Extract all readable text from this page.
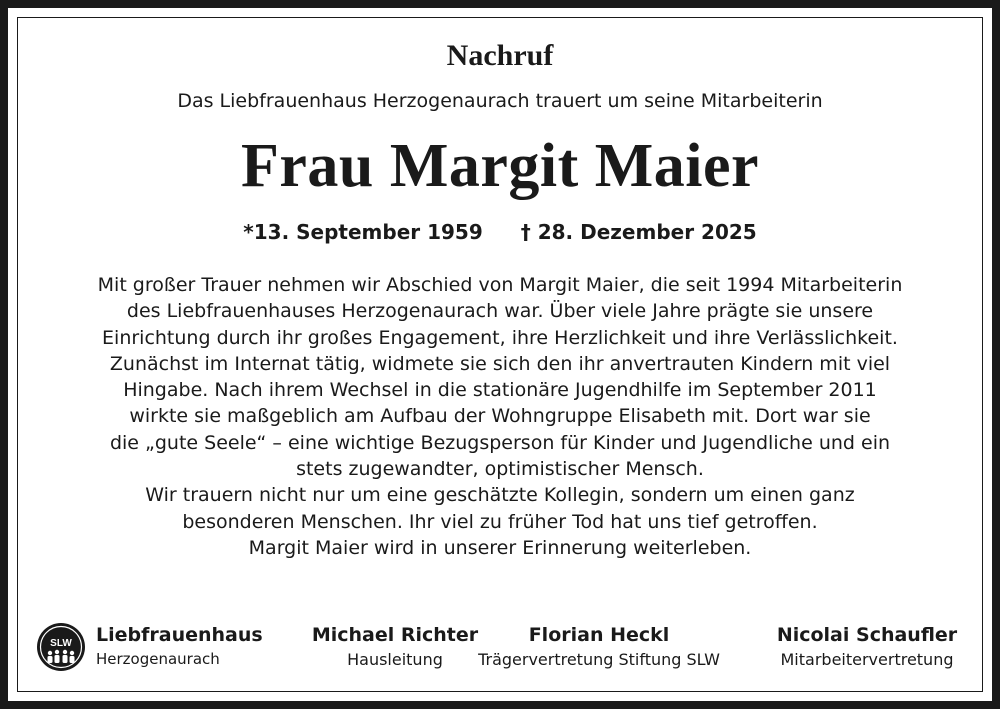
Nachruf
Das Liebfrauenhaus Herzogenaurach trauert um seine Mitarbeiterin
Frau Margit Maier
*13. September 1959 † 28. Dezember 2025
Mit großer Trauer nehmen wir Abschied von Margit Maier, die seit 1994 Mitarbeiterin
des Liebfrauenhauses Herzogenaurach war. Über viele Jahre prägte sie unsere
Einrichtung durch ihr großes Engagement, ihre Herzlichkeit und ihre Verlässlichkeit.
Zunächst im Internat tätig, widmete sie sich den ihr anvertrauten Kindern mit viel
Hingabe. Nach ihrem Wechsel in die stationäre Jugendhilfe im September 2011
wirkte sie maßgeblich am Aufbau der Wohngruppe Elisabeth mit. Dort war sie
die „gute Seele“ – eine wichtige Bezugsperson für Kinder und Jugendliche und ein
stets zugewandter, optimistischer Mensch.
Wir trauern nicht nur um eine geschätzte Kollegin, sondern um einen ganz
besonderen Menschen. Ihr viel zu früher Tod hat uns tief getroffen.
Margit Maier wird in unserer Erinnerung weiterleben.
SLW Liebfrauenhaus
Herzogenaurach
Michael Richter
Hausleitung
Florian Heckl
Trägervertretung Stiftung SLW
Nicolai Schaufler
Mitarbeitervertretung
